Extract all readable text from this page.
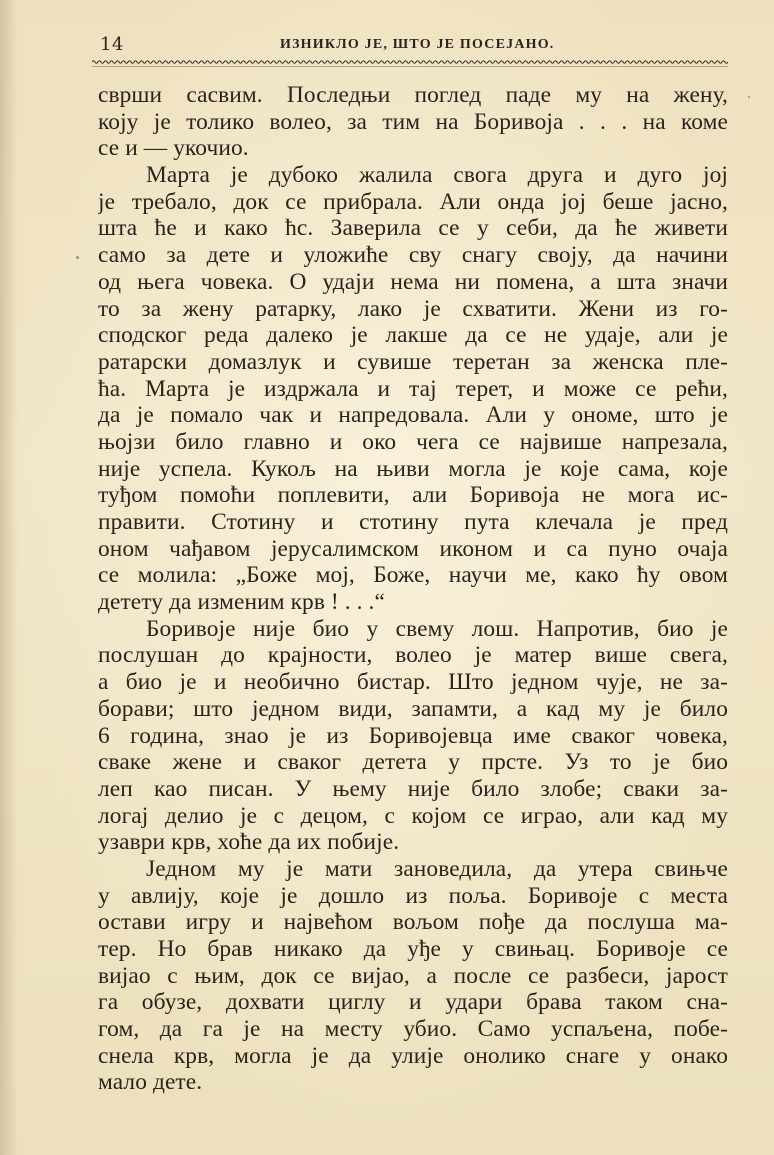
14	ИЗНИКЛО ЈЕ, ШТО ЈЕ ПОСЕЈАНО.
сврши сасвим. Последњи поглед паде му на жену,
коју је толико волео, за тим на Боривоја . . . на коме
се и — укочио.
Марта је дубоко жалила свога друга и дуго јој
је требало, док се прибрала. Али онда јој беше јасно,
шта ће и како ћс. Заверила се у себи, да ће живети
само за дете и уложиће сву снагу своју, да начини
од њега човека. О удаји нема ни помена, а шта значи
то за жену ратарку, лако је схватити. Жени из го-
сподског реда далеко је лакше да се не удаје, али је
ратарски домазлук и сувише теретан за женска пле-
ћа. Марта је издржала и тај терет, и може се рећи,
да је помало чак и напредовала. Али у ономе, што је
њојзи било главно и око чега се највише напрезала,
није успела. Кукољ на њиви могла је које сама, које
туђом помоћи поплевити, али Боривоја не мога ис-
правити. Стотину и стотину пута клечала је пред
оном чађавом јерусалимском иконом и са пуно очаја
се молила: „Боже мој, Боже, научи ме, како ћу овом
детету да изменим крв ! . . .“
Боривоје није био у свему лош. Напротив, био је
послушан до крајности, волео је матер више свега,
а био је и необично бистар. Што једном чује, не за-
борави; што једном види, запамти, а кад му је било
6 година, знао је из Боривојевца име сваког човека,
сваке жене и сваког детета у прсте. Уз то је био
леп као писан. У њему није било злобе; сваки за-
логај делио је с децом, с којом се играо, али кад му
узаври крв, хоће да их побије.
Једном му је мати зановедила, да утера свињче
у авлију, које је дошло из поља. Боривоје с места
остави игру и највећом вољом пође да послуша ма-
тер. Но брав никако да уђе у свињац. Боривоје се
вијао с њим, док се вијао, а после се разбеси, јарост
га обузе, дохвати циглу и удари брава таком сна-
гом, да га је на месту убио. Само успаљена, побе-
снела крв, могла је да улије онолико снаге у онако
мало дете.
